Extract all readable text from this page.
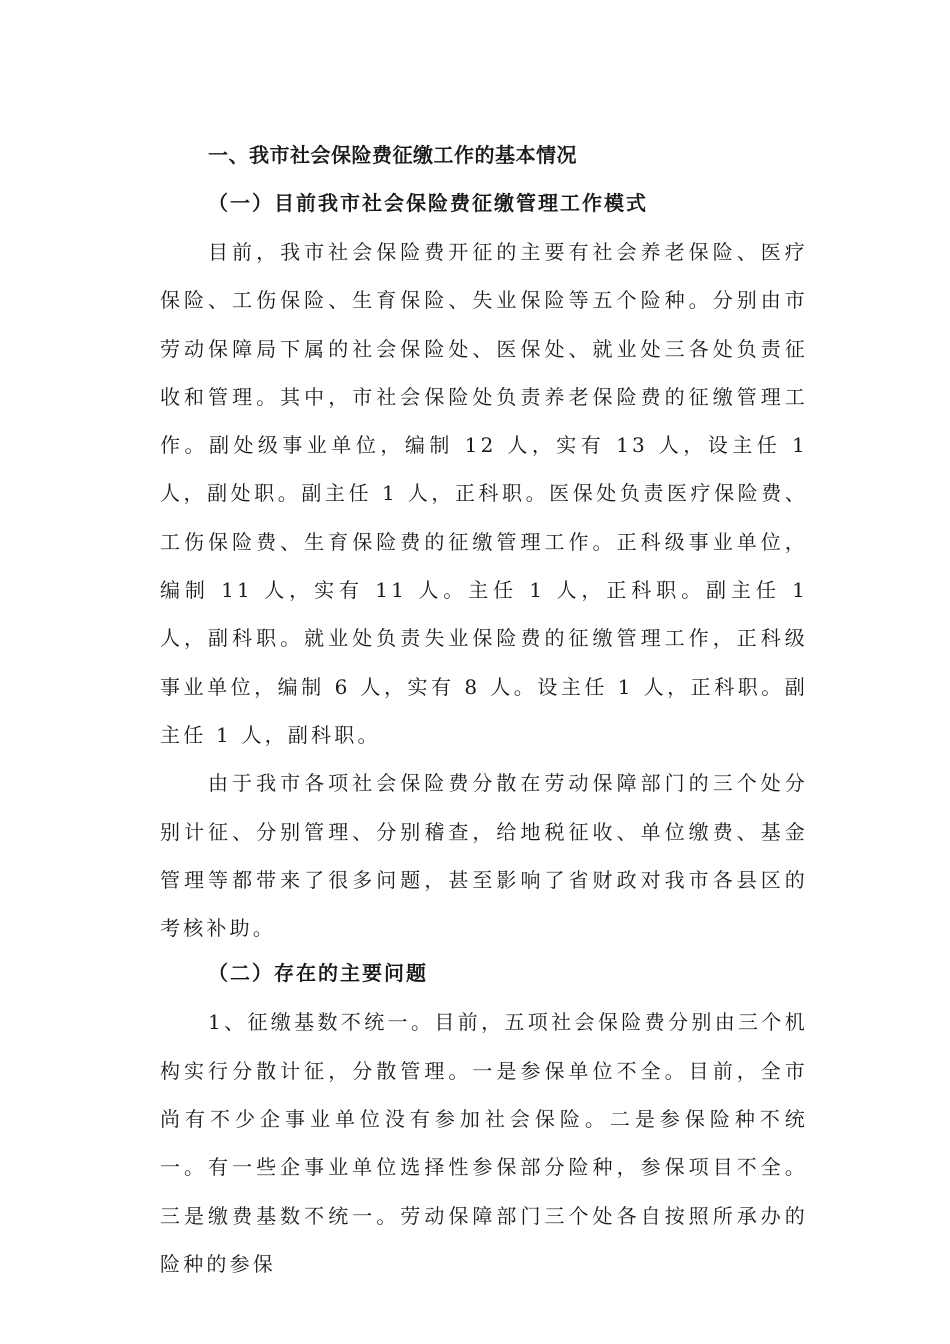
一、我市社会保险费征缴工作的基本情况
（一）目前我市社会保险费征缴管理工作模式

目前，我市社会保险费开征的主要有社会养老保险、医疗保险、工伤保险、生育保险、失业保险等五个险种。分别由市劳动保障局下属的社会保险处、医保处、就业处三各处负责征收和管理。其中，市社会保险处负责养老保险费的征缴管理工作。副处级事业单位，编制 12 人，实有 13 人，设主任 1 人，副处职。副主任 1 人，正科职。医保处负责医疗保险费、工伤保险费、生育保险费的征缴管理工作。正科级事业单位，编制 11 人，实有 11 人。主任 1 人，正科职。副主任 1 人，副科职。就业处负责失业保险费的征缴管理工作，正科级事业单位，编制 6 人，实有 8 人。设主任 1 人，正科职。副主任 1 人，副科职。

由于我市各项社会保险费分散在劳动保障部门的三个处分别计征、分别管理、分别稽查，给地税征收、单位缴费、基金管理等都带来了很多问题，甚至影响了省财政对我市各县区的考核补助。

（二）存在的主要问题

1、征缴基数不统一。目前，五项社会保险费分别由三个机构实行分散计征，分散管理。一是参保单位不全。目前，全市尚有不少企事业单位没有参加社会保险。二是参保险种不统一。有一些企事业单位选择性参保部分险种，参保项目不全。三是缴费基数不统一。劳动保障部门三个处各自按照所承办的险种的参保
